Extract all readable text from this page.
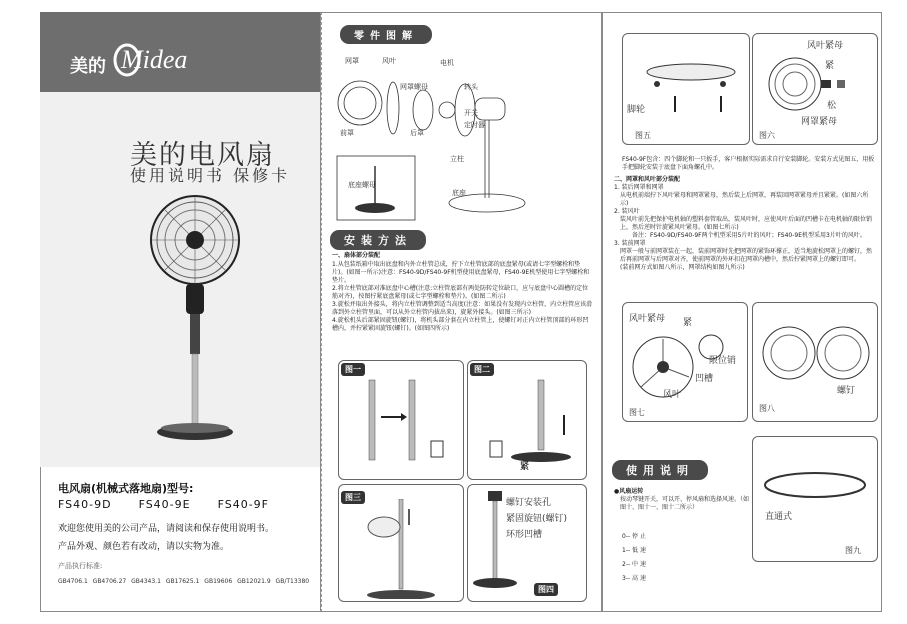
美的 Midea
美的电风扇
使用说明书 保修卡
电风扇(机械式落地扇)型号:
FS40-9D FS40-9E FS40-9F
欢迎您使用美的公司产品，请阅读和保存使用说明书。
产品外观、颜色若有改动，请以实物为准。
产品执行标准:
GB4706.1 GB4706.27 GB4343.1 GB17625.1 GB19606 GB12021.9 GB/T13380
零件图解
网罩	风叶
网罩螺母
电机
转头
前罩	后罩
立柱
底座
底座螺母
开关
定时器
安装方法
一、扇体部分装配
1.从包装纸箱中取出底盘和内外立柱管总成，拧下立柱管底部的底盘紧母(或请七字型螺栓和垫片)。(如图一所示)注意：FS40-9D/FS40-9F机型使用底盘紧母，FS40-9E机型使用七字型螺栓和垫片。
2.将立柱管底部对准底盘中心槽(注意:立柱管底部有两处防转定位缺口，应与底盘中心圆槽的定位筋对齐)，按图拧紧底盘紧母(或七字型螺栓和垫片)。(如图二所示)
3.旋松并取出外接头，将内立柱管调整到适当高度(注意：如果没有发现内立柱管，内立柱管应该滑落到外立柱管里面，可以从外立柱管内拔出来)，旋紧外接头。(如图三所示)
4.旋松机头后部紧固旋钮(螺钉)，将机头部分套在内立柱管上，使螺钉对正内立柱管顶部的环形凹槽内，并拧紧紧固旋钮(螺钉)。(如图四所示)
图一	图二
紧
图三
图四
螺钉安装孔
紧固旋钮(螺钉)
环形凹槽
脚轮
图五
风叶紧母
紧
松
网罩紧母
图六
FS40-9F包含：四个脚轮和一只扳手，客户根据实际需求自行安装脚轮。安装方式见图五，用扳手把脚轮安装于底盘下面角螺孔中。
二、网罩和风叶部分装配
1. 装后网罩和网罩
从电机前端拧下风叶紧母和网罩紧母，然后装上后网罩，再装回网罩紧母并且紧紧。(如图六所示)
2. 装风叶
装风叶前先把保护电机轴的塑料套管取出，装风叶时，应使风叶后面的凹槽卡在电机轴的限位销上，然后逆时针旋紧风叶紧母。(如图七所示)
备注：FS40-9D/FS40-9F两个机型采用5片叶的风叶；FS40-9E机型采用3片叶的风叶。
3. 装前网罩
网罩一般与前网罩装在一起，装前网罩时先把网罩的紧饰环撑正，适当地旋松网罩上的螺钉，然后再前网罩与后网罩对齐，使前网罩的外环扣在网罩内槽中，然后拧紧网罩上的螺钉即可。
(装前网方式如图八所示，网罩结构如图九所示)
风叶紧母 紧
限位销
凹槽
风叶
图七
螺钉
图八
使用说明
●风扇运转
按动琴键开关，可以开、停风扇和选择风速。（如图十、图十一、图十二所示）
0-- 停 止
1-- 低 速
2-- 中 速
3-- 高 速
直通式
图九
